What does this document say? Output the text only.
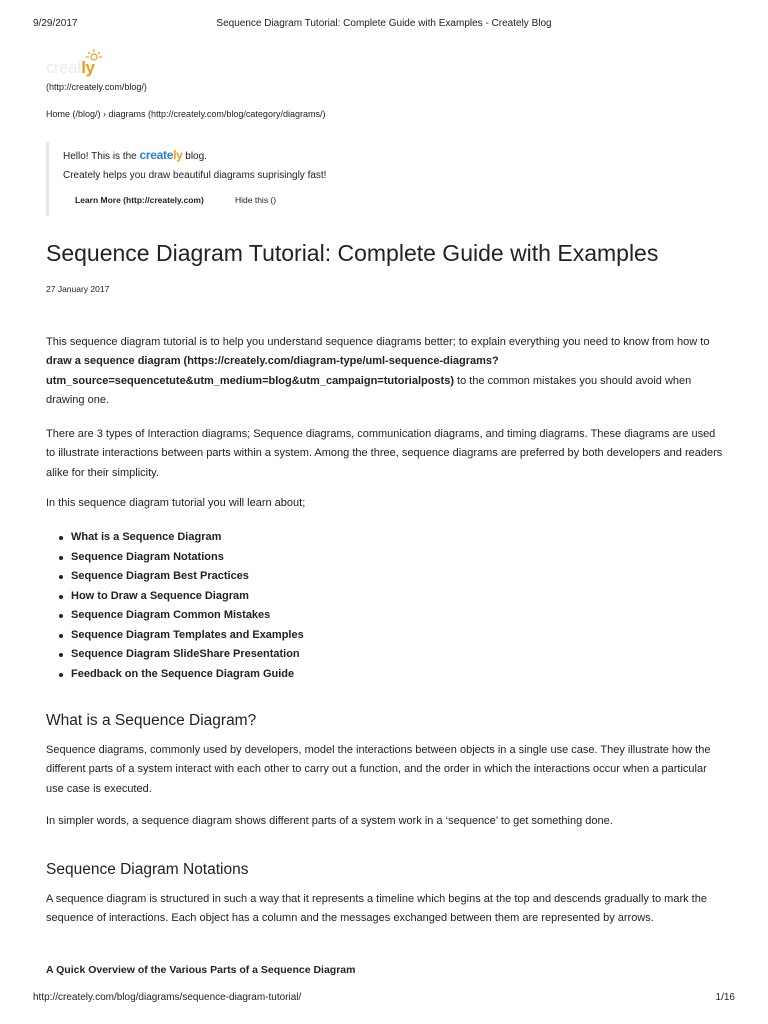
9/29/2017	Sequence Diagram Tutorial: Complete Guide with Examples - Creately Blog
creatly
(http://creately.com/blog/)
Home (/blog/) › diagrams (http://creately.com/blog/category/diagrams/)
Hello! This is the creately blog.
Creately helps you draw beautiful diagrams suprisingly fast!
Learn More (http://creately.com)	Hide this ()
Sequence Diagram Tutorial: Complete Guide with Examples
27 January 2017

This sequence diagram tutorial is to help you understand sequence diagrams better; to explain everything you need to know from how to draw a sequence diagram (https://creately.com/diagram-type/uml-sequence-diagrams?utm_source=sequencetute&utm_medium=blog&utm_campaign=tutorialposts) to the common mistakes you should avoid when drawing one.

There are 3 types of Interaction diagrams; Sequence diagrams, communication diagrams, and timing diagrams. These diagrams are used to illustrate interactions between parts within a system. Among the three, sequence diagrams are preferred by both developers and readers alike for their simplicity.

In this sequence diagram tutorial you will learn about;

What is a Sequence Diagram
Sequence Diagram Notations
Sequence Diagram Best Practices
How to Draw a Sequence Diagram
Sequence Diagram Common Mistakes
Sequence Diagram Templates and Examples
Sequence Diagram SlideShare Presentation
Feedback on the Sequence Diagram Guide
What is a Sequence Diagram?

Sequence diagrams, commonly used by developers, model the interactions between objects in a single use case. They illustrate how the different parts of a system interact with each other to carry out a function, and the order in which the interactions occur when a particular use case is executed.

In simpler words, a sequence diagram shows different parts of a system work in a ‘sequence’ to get something done.

Sequence Diagram Notations

A sequence diagram is structured in such a way that it represents a timeline which begins at the top and descends gradually to mark the sequence of interactions. Each object has a column and the messages exchanged between them are represented by arrows.

A Quick Overview of the Various Parts of a Sequence Diagram
http://creately.com/blog/diagrams/sequence-diagram-tutorial/	1/16
